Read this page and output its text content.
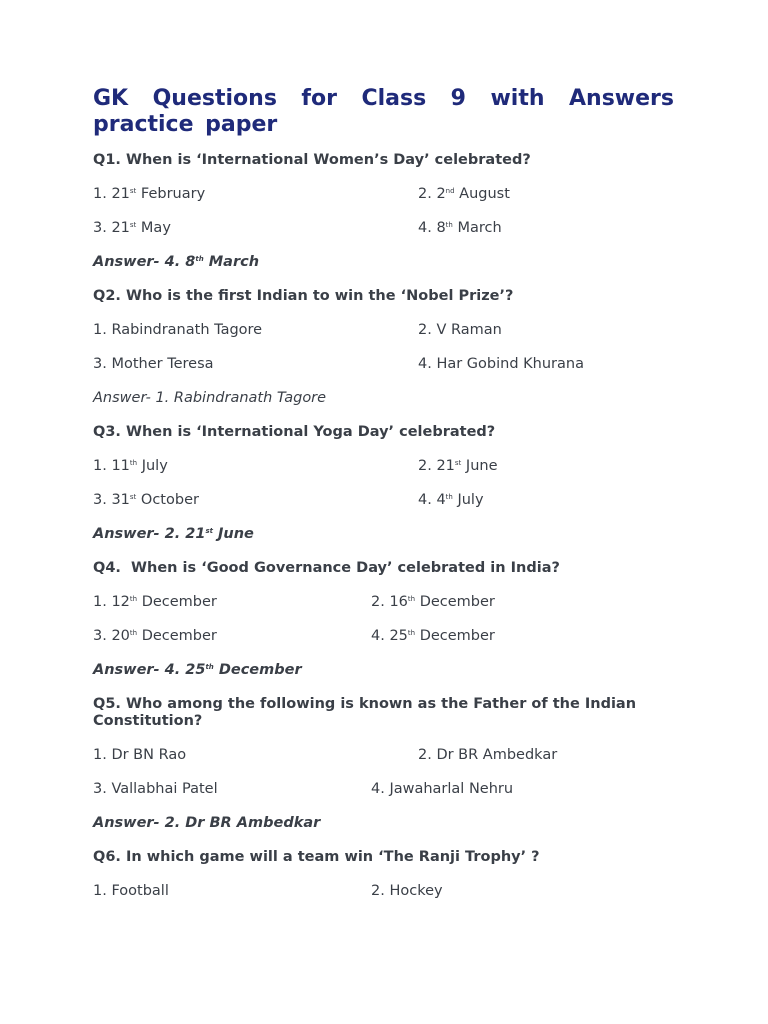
GK Questions for Class 9 with Answers practice paper

Q1. When is ‘International Women’s Day’ celebrated?

1. 21st February	2. 2nd August
3. 21st May	4. 8th March

Answer- 4. 8th March

Q2. Who is the first Indian to win the ‘Nobel Prize’?

1. Rabindranath Tagore	2. V Raman
3. Mother Teresa	4. Har Gobind Khurana

Answer- 1. Rabindranath Tagore

Q3. When is ‘International Yoga Day’ celebrated?

1. 11th July	2. 21st June
3. 31st October	4. 4th July

Answer- 2. 21st June

Q4.  When is ‘Good Governance Day’ celebrated in India?

1. 12th December	2. 16th December
3. 20th December	4. 25th December

Answer- 4. 25th December

Q5. Who among the following is known as the Father of the Indian Constitution?

1. Dr BN Rao	2. Dr BR Ambedkar
3. Vallabhai Patel	4. Jawaharlal Nehru

Answer- 2. Dr BR Ambedkar

Q6. In which game will a team win ‘The Ranji Trophy’ ?

1. Football	2. Hockey
